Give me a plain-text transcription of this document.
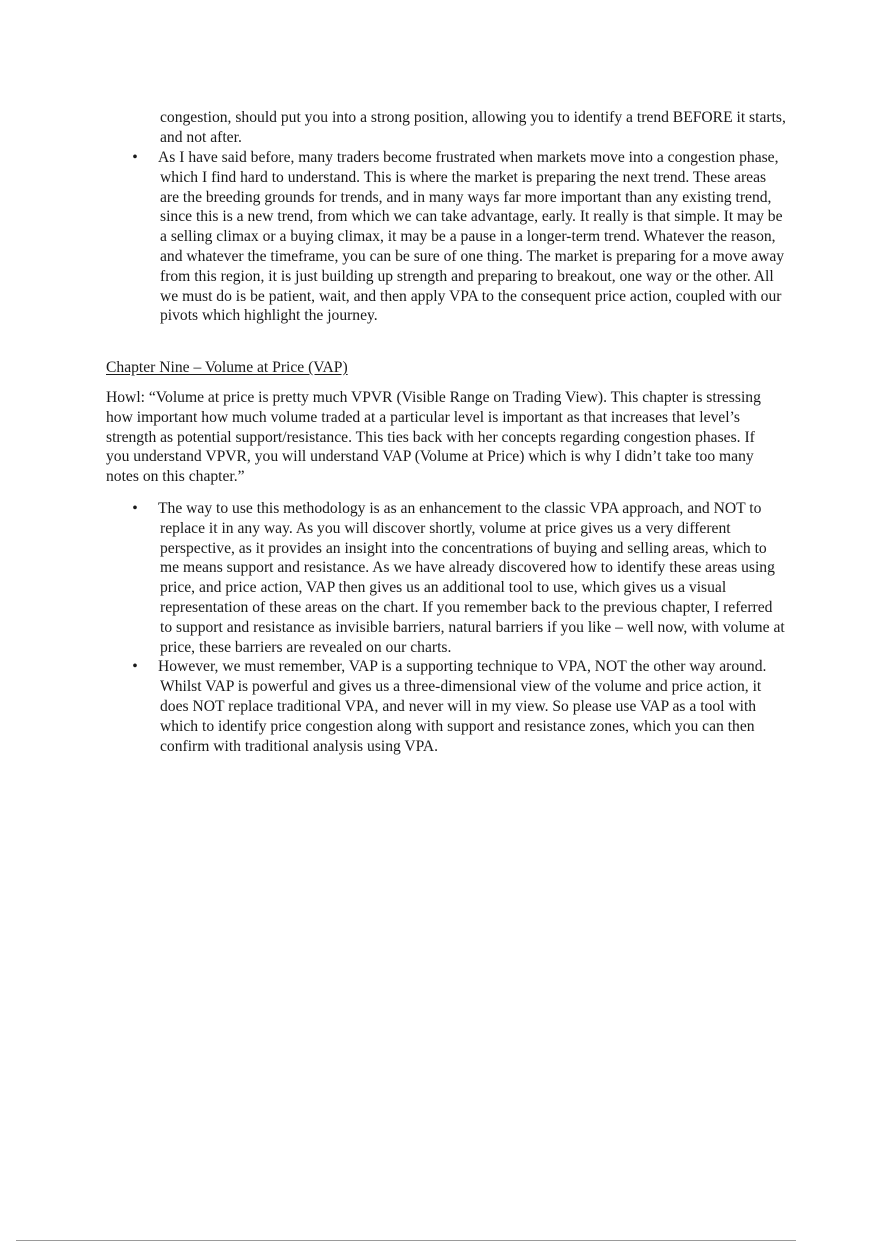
congestion, should put you into a strong position, allowing you to identify a trend BEFORE it starts, and not after.

• As I have said before, many traders become frustrated when markets move into a congestion phase, which I find hard to understand. This is where the market is preparing the next trend. These areas are the breeding grounds for trends, and in many ways far more important than any existing trend, since this is a new trend, from which we can take advantage, early. It really is that simple. It may be a selling climax or a buying climax, it may be a pause in a longer-term trend. Whatever the reason, and whatever the timeframe, you can be sure of one thing. The market is preparing for a move away from this region, it is just building up strength and preparing to breakout, one way or the other. All we must do is be patient, wait, and then apply VPA to the consequent price action, coupled with our pivots which highlight the journey.
Chapter Nine – Volume at Price (VAP)

Howl: “Volume at price is pretty much VPVR (Visible Range on Trading View). This chapter is stressing how important how much volume traded at a particular level is important as that increases that level’s strength as potential support/resistance. This ties back with her concepts regarding congestion phases. If you understand VPVR, you will understand VAP (Volume at Price) which is why I didn’t take too many notes on this chapter.”

• The way to use this methodology is as an enhancement to the classic VPA approach, and NOT to replace it in any way. As you will discover shortly, volume at price gives us a very different perspective, as it provides an insight into the concentrations of buying and selling areas, which to me means support and resistance. As we have already discovered how to identify these areas using price, and price action, VAP then gives us an additional tool to use, which gives us a visual representation of these areas on the chart. If you remember back to the previous chapter, I referred to support and resistance as invisible barriers, natural barriers if you like – well now, with volume at price, these barriers are revealed on our charts.
• However, we must remember, VAP is a supporting technique to VPA, NOT the other way around. Whilst VAP is powerful and gives us a three-dimensional view of the volume and price action, it does NOT replace traditional VPA, and never will in my view. So please use VAP as a tool with which to identify price congestion along with support and resistance zones, which you can then confirm with traditional analysis using VPA.
